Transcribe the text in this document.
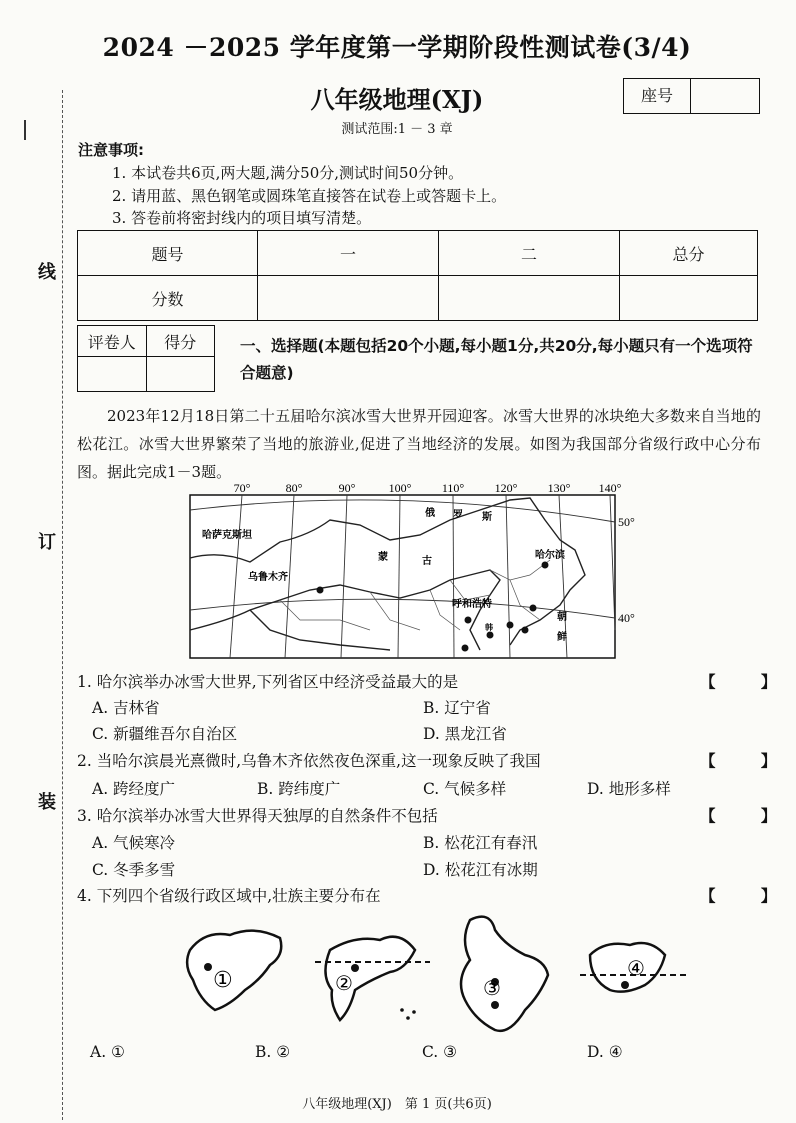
2024 －2025 学年度第一学期阶段性测试卷(3/4)
八年级地理(XJ)
测试范围:1 － 3 章
座号
线
订
装
注意事项:
1. 本试卷共6页,两大题,满分50分,测试时间50分钟。
2. 请用蓝、黑色钢笔或圆珠笔直接答在试卷上或答题卡上。
3. 答卷前将密封线内的项目填写清楚。
题号	一	二	总分
分数			
评卷人	得分
		一、选择题(本题包括20个小题,每小题1分,共20分,每小题只有一个选项符合题意)
2023年12月18日第二十五届哈尔滨冰雪大世界开园迎客。冰雪大世界的冰块绝大多数来自当地的松花江。冰雪大世界繁荣了当地的旅游业,促进了当地经济的发展。如图为我国部分省级行政中心分布图。据此完成1－3题。
70°	80°	90°	100°	110°	120°	130° 140°
50°
40°
哈萨克斯坦
俄 罗 斯
蒙	古
乌鲁木齐
哈尔滨
呼和浩特
朝
鲜
韩
1. 哈尔滨举办冰雪大世界,下列省区中经济受益最大的是	【 】
A. 吉林省	B. 辽宁省
C. 新疆维吾尔自治区	D. 黑龙江省
2. 当哈尔滨晨光熹微时,乌鲁木齐依然夜色深重,这一现象反映了我国	【 】
A. 跨经度广	B. 跨纬度广	C. 气候多样	D. 地形多样
3. 哈尔滨举办冰雪大世界得天独厚的自然条件不包括	【 】
A. 气候寒冷	B. 松花江有春汛
C. 冬季多雪	D. 松花江有冰期
4. 下列四个省级行政区域中,壮族主要分布在	【 】
①	②	③
④
A. ①	B. ②	C. ③	D. ④
八年级地理(XJ)　第 1 页(共6页)
